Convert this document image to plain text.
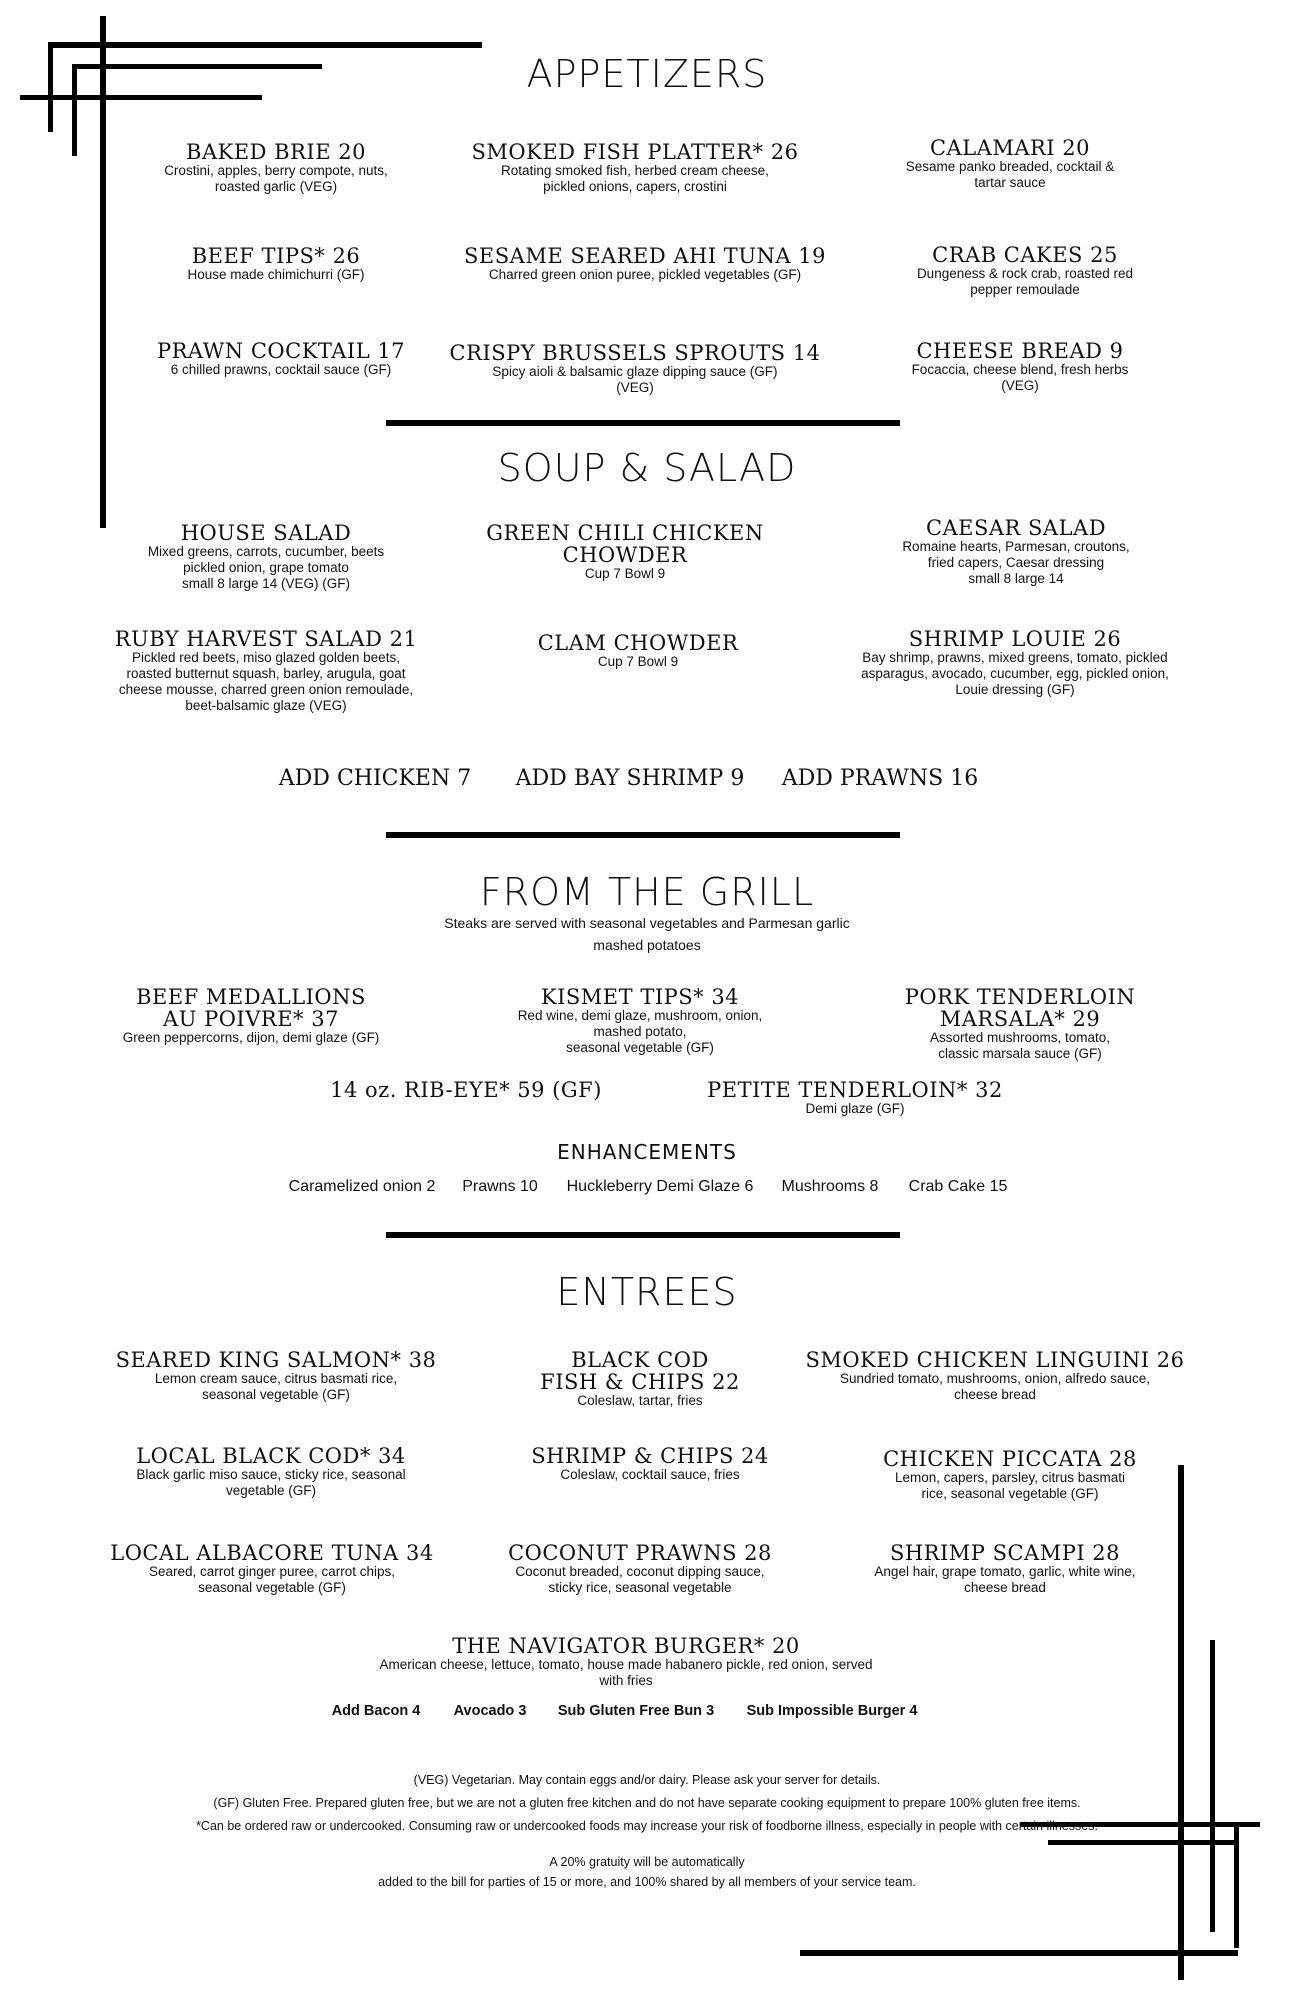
APPETIZERS
BAKED BRIE 20
Crostini, apples, berry compote, nuts,
roasted garlic (VEG)
SMOKED FISH PLATTER* 26
Rotating smoked fish, herbed cream cheese,
pickled onions, capers, crostini
CALAMARI 20
Sesame panko breaded, cocktail &
tartar sauce
BEEF TIPS* 26
House made chimichurri (GF)
SESAME SEARED AHI TUNA 19
Charred green onion puree, pickled vegetables (GF)
CRAB CAKES 25
Dungeness & rock crab, roasted red
pepper remoulade
PRAWN COCKTAIL 17
6 chilled prawns, cocktail sauce (GF)
CRISPY BRUSSELS SPROUTS 14
Spicy aioli & balsamic glaze dipping sauce (GF)
(VEG)
CHEESE BREAD 9
Focaccia, cheese blend, fresh herbs
(VEG)
SOUP & SALAD
HOUSE SALAD
Mixed greens, carrots, cucumber, beets
pickled onion, grape tomato
small 8 large 14 (VEG) (GF)
GREEN CHILI CHICKEN
CHOWDER
Cup 7 Bowl 9
CAESAR SALAD
Romaine hearts, Parmesan, croutons,
fried capers, Caesar dressing
small 8 large 14
RUBY HARVEST SALAD 21
Pickled red beets, miso glazed golden beets,
roasted butternut squash, barley, arugula, goat
cheese mousse, charred green onion remoulade,
beet-balsamic glaze (VEG)
CLAM CHOWDER
Cup 7 Bowl 9
SHRIMP LOUIE 26
Bay shrimp, prawns, mixed greens, tomato, pickled
asparagus, avocado, cucumber, egg, pickled onion,
Louie dressing (GF)
ADD CHICKEN 7	ADD BAY SHRIMP 9	ADD PRAWNS 16
FROM THE GRILL
Steaks are served with seasonal vegetables and Parmesan garlic
mashed potatoes
BEEF MEDALLIONS
AU POIVRE* 37
Green peppercorns, dijon, demi glaze (GF)
KISMET TIPS* 34
Red wine, demi glaze, mushroom, onion,
mashed potato,
seasonal vegetable (GF)
PORK TENDERLOIN
MARSALA* 29
Assorted mushrooms, tomato,
classic marsala sauce (GF)
14 oz. RIB-EYE* 59 (GF)	PETITE TENDERLOIN* 32
Demi glaze (GF)
ENHANCEMENTS
Caramelized onion 2	Prawns 10	Huckleberry Demi Glaze 6	Mushrooms 8	Crab Cake 15
ENTREES
SEARED KING SALMON* 38
Lemon cream sauce, citrus basmati rice,
seasonal vegetable (GF)
BLACK COD
FISH & CHIPS 22
Coleslaw, tartar, fries
SMOKED CHICKEN LINGUINI 26
Sundried tomato, mushrooms, onion, alfredo sauce,
cheese bread
LOCAL BLACK COD* 34
Black garlic miso sauce, sticky rice, seasonal
vegetable (GF)
SHRIMP & CHIPS 24
Coleslaw, cocktail sauce, fries
CHICKEN PICCATA 28
Lemon, capers, parsley, citrus basmati
rice, seasonal vegetable (GF)
LOCAL ALBACORE TUNA 34
Seared, carrot ginger puree, carrot chips,
seasonal vegetable (GF)
COCONUT PRAWNS 28
Coconut breaded, coconut dipping sauce,
sticky rice, seasonal vegetable
SHRIMP SCAMPI 28
Angel hair, grape tomato, garlic, white wine,
cheese bread
THE NAVIGATOR BURGER* 20
American cheese, lettuce, tomato, house made habanero pickle, red onion, served
with fries
Add Bacon 4	Avocado 3	Sub Gluten Free Bun 3	Sub Impossible Burger 4
(VEG) Vegetarian. May contain eggs and/or dairy. Please ask your server for details.
(GF) Gluten Free. Prepared gluten free, but we are not a gluten free kitchen and do not have separate cooking equipment to prepare 100% gluten free items.
*Can be ordered raw or undercooked. Consuming raw or undercooked foods may increase your risk of foodborne illness, especially in people with certain illnesses.
A 20% gratuity will be automatically
added to the bill for parties of 15 or more, and 100% shared by all members of your service team.
